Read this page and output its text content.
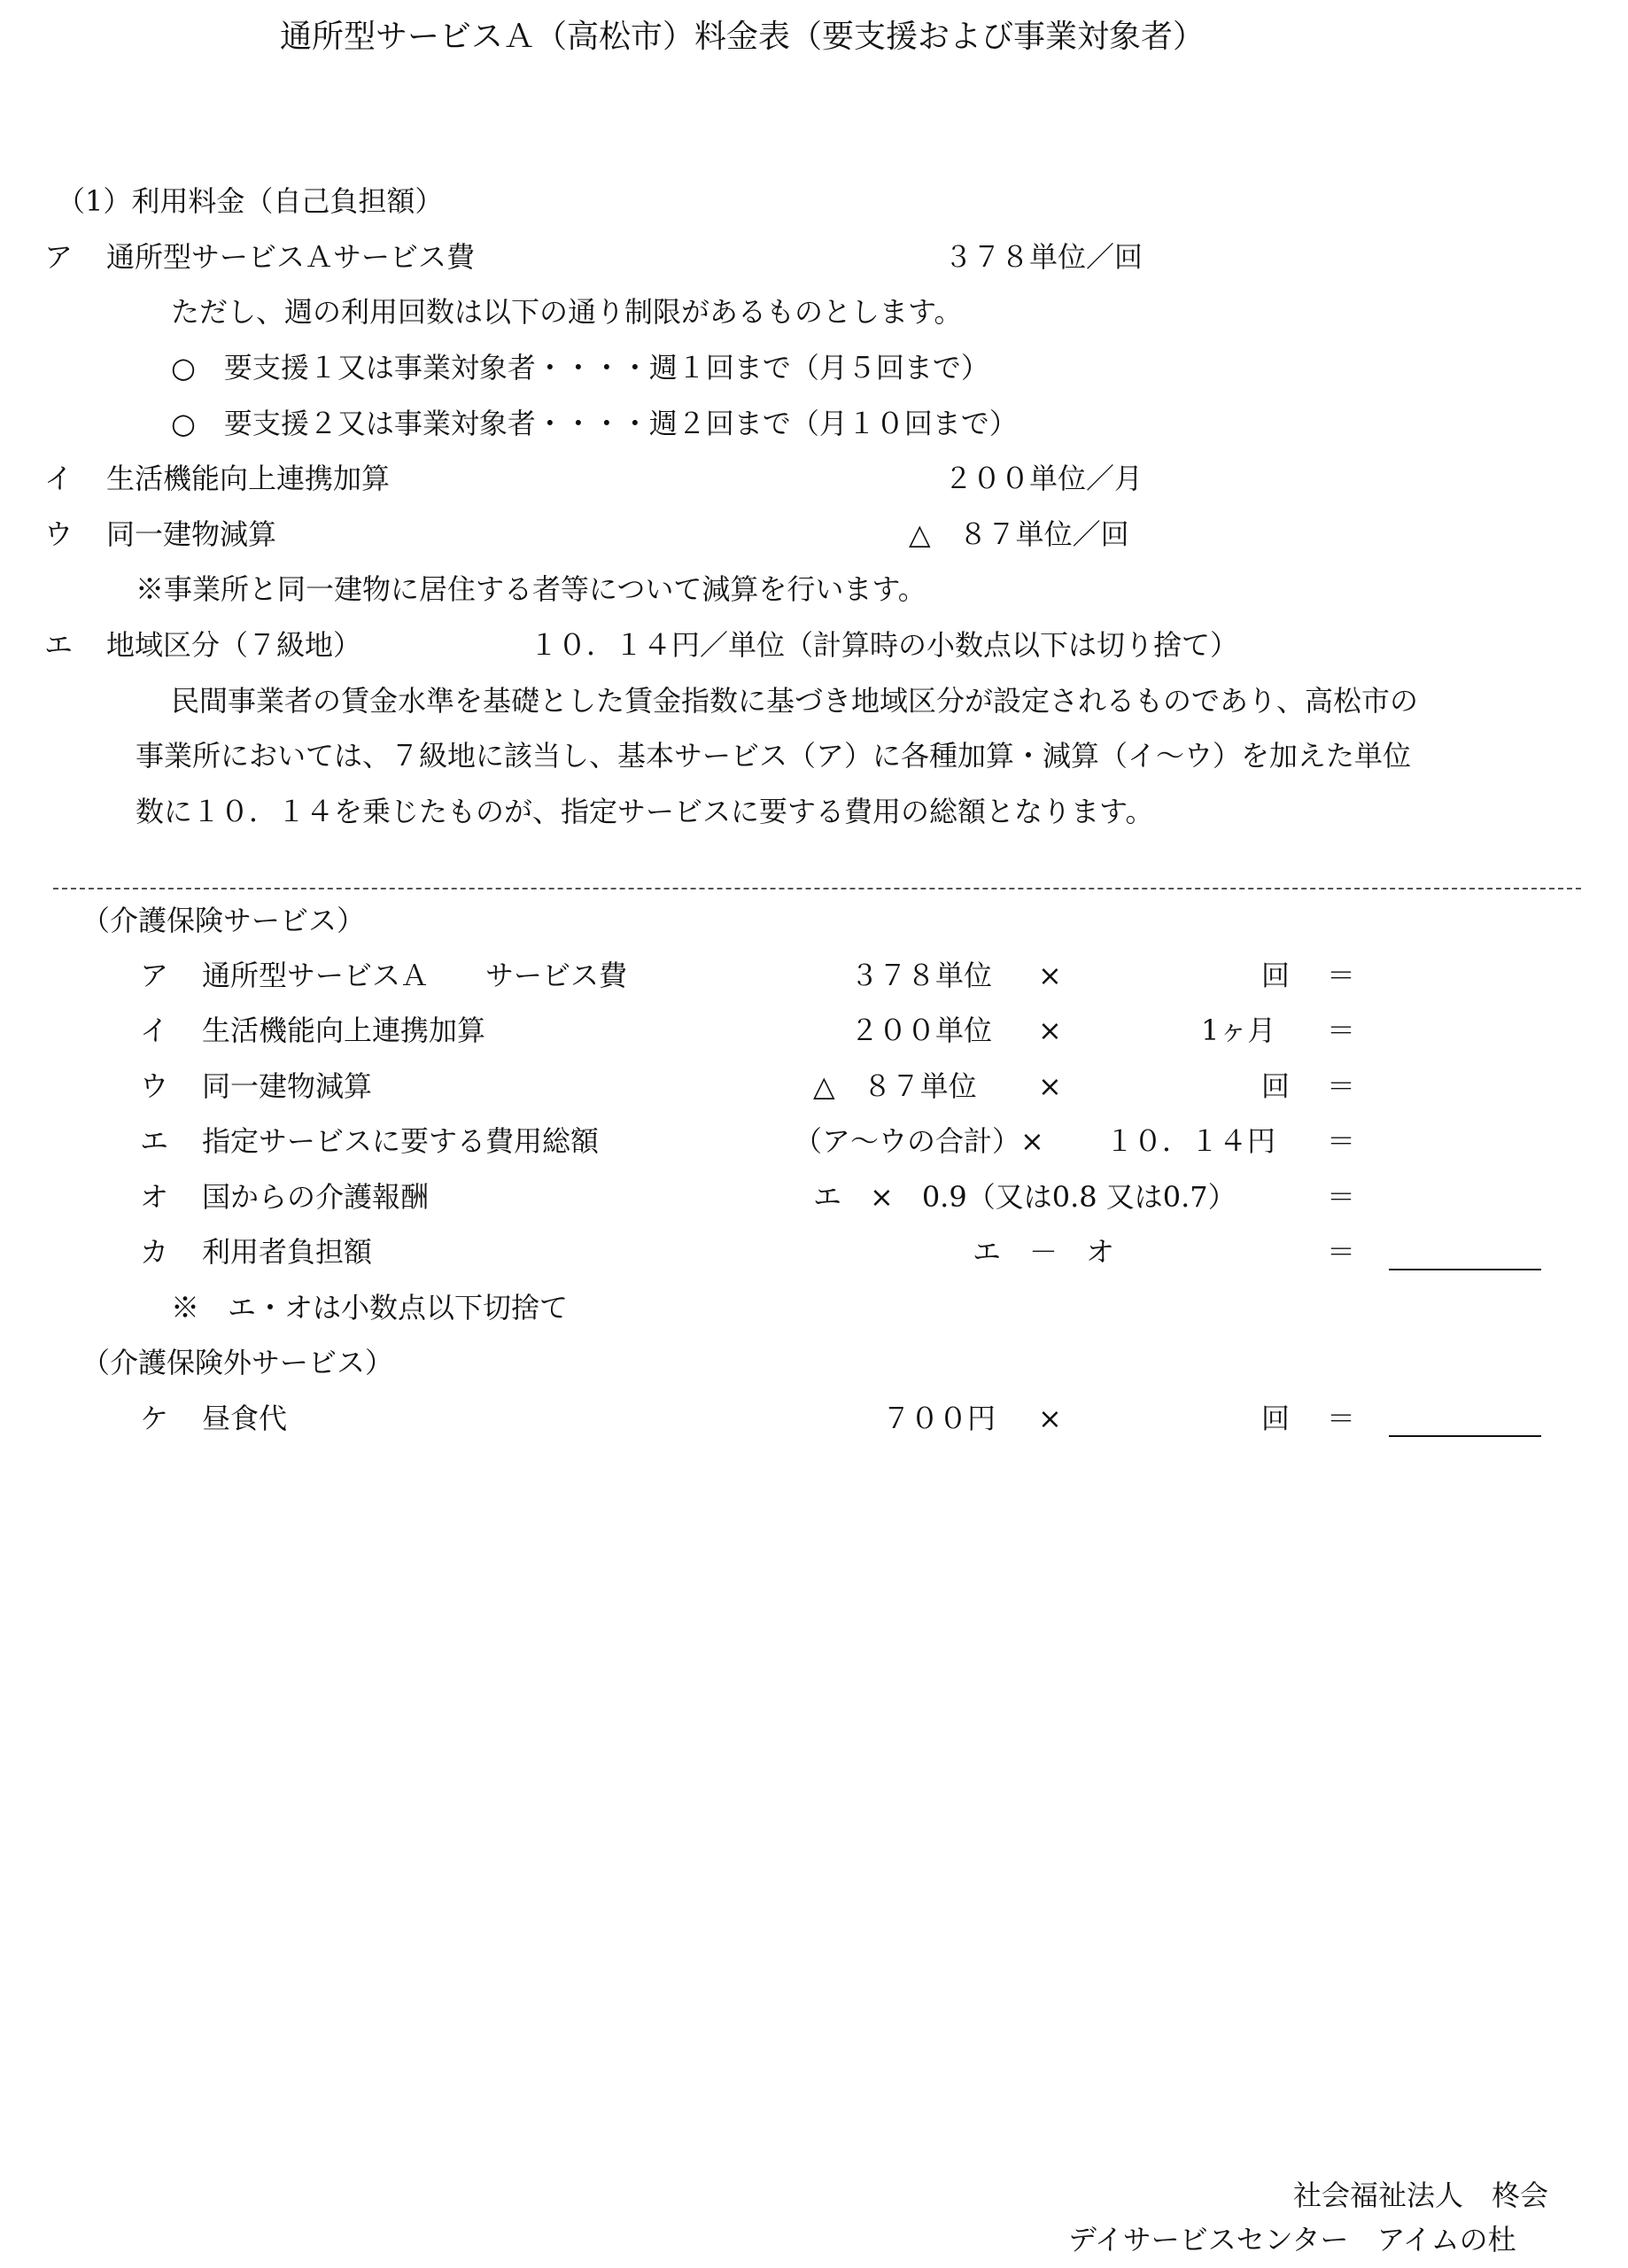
通所型サービスＡ（高松市）料金表（要支援および事業対象者）
（1）利用料金（自己負担額）
ア 通所型サービスＡサービス費	３７８単位／回
ただし、週の利用回数は以下の通り制限があるものとします。
○　要支援１又は事業対象者・・・・週１回まで（月５回まで）
○　要支援２又は事業対象者・・・・週２回まで（月１０回まで）
イ 生活機能向上連携加算	２００単位／月
ウ 同一建物減算	△　８７単位／回
※事業所と同一建物に居住する者等について減算を行います。
エ 地域区分（７級地）	１０．１４円／単位（計算時の小数点以下は切り捨て）
民間事業者の賃金水準を基礎とした賃金指数に基づき地域区分が設定されるものであり、高松市の
事業所においては、７級地に該当し、基本サービス（ア）に各種加算・減算（イ～ウ）を加えた単位
数に１０．１４を乗じたものが、指定サービスに要する費用の総額となります。
（介護保険サービス）
ア 通所型サービスＡ　　サービス費	３７８単位 ×	回 ＝
イ 生活機能向上連携加算	２００単位 ×	1ヶ月 ＝
ウ 同一建物減算	△　８７単位 ×	回 ＝
エ 指定サービスに要する費用総額	（ア～ウの合計）× １０．１４円 ＝
オ 国からの介護報酬	エ　×　0.9（又は0.8 又は0.7）	＝
カ 利用者負担額	エ　－　オ	＝
※　エ・オは小数点以下切捨て
（介護保険外サービス）
ケ 昼食代	７００円 ×	回 ＝
社会福祉法人　柊会
デイサービスセンター　アイムの杜
